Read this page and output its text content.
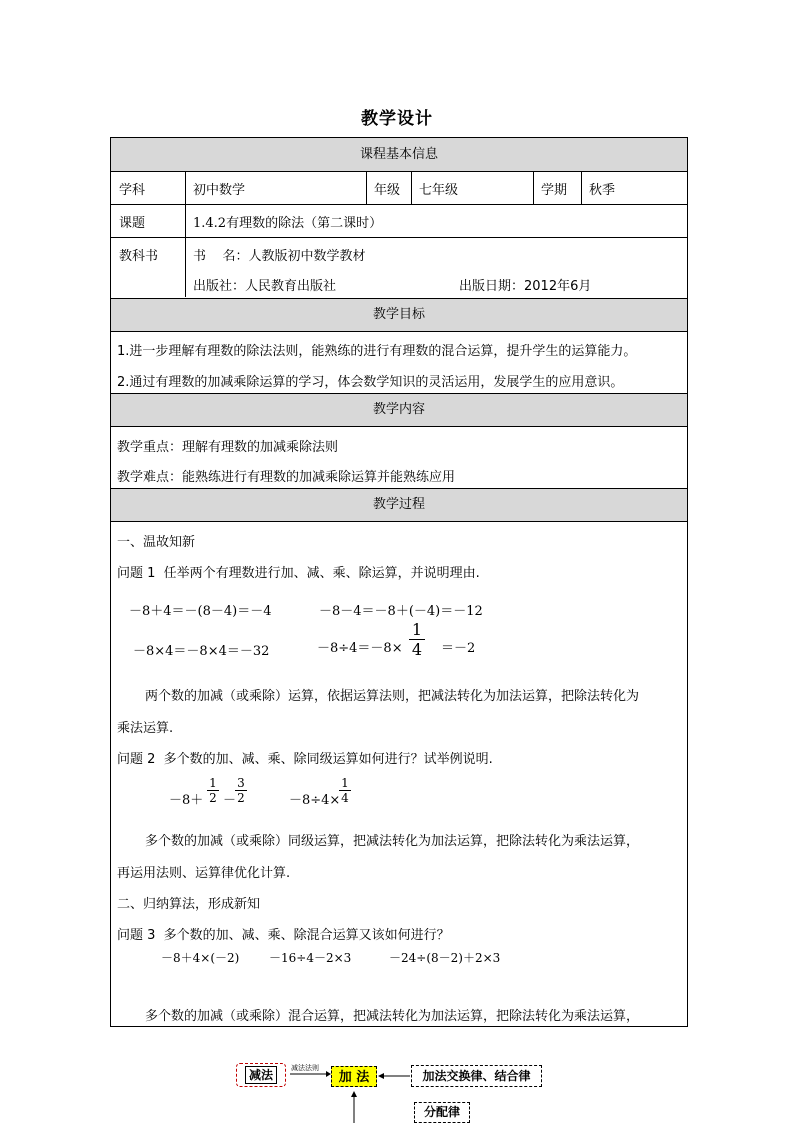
教学设计
课程基本信息
学科	初中数学	年级 七年级	学期 秋季
课题	1.4.2有理数的除法（第二课时）
教科书	书    名：人教版初中数学教材
出版社：人民教育出版社	出版日期：2012年6月
教学目标
1.进一步理解有理数的除法法则，能熟练的进行有理数的混合运算，提升学生的运算能力。
2.通过有理数的加减乘除运算的学习，体会数学知识的灵活运用，发展学生的应用意识。
教学内容
教学重点：理解有理数的加减乘除法则
教学难点：能熟练进行有理数的加减乘除运算并能熟练应用
教学过程
一、温故知新
问题 1  任举两个有理数进行加、减、乘、除运算，并说明理由.
－8＋4＝－(8－4)＝－4	－8－4＝－8＋(－4)＝－12
－8×4＝－8×4＝－32	$-8\div 4=-8\times \frac{1}{4} =-2$
两个数的加减（或乘除）运算，依据运算法则，把减法转化为加法运算，把除法转化为
乘法运算.
问题 2  多个数的加、减、乘、除同级运算如何进行？试举例说明.
$-8+ \frac{1}{2}$ －
$\frac{3}{2}$	－8÷4×
$\frac{1}{4}$
多个数的加减（或乘除）同级运算，把减法转化为加法运算，把除法转化为乘法运算，
再运用法则、运算律优化计算.
二、归纳算法，形成新知
问题 3  多个数的加、减、乘、除混合运算又该如何进行？
－8＋4×(－2) －16÷4－2×3	－24÷(8－2)＋2×3
多个数的加减（或乘除）混合运算，把减法转化为加法运算，把除法转化为乘法运算，
减法	减法法则
加 法	加法交换律、结合律
分配律
